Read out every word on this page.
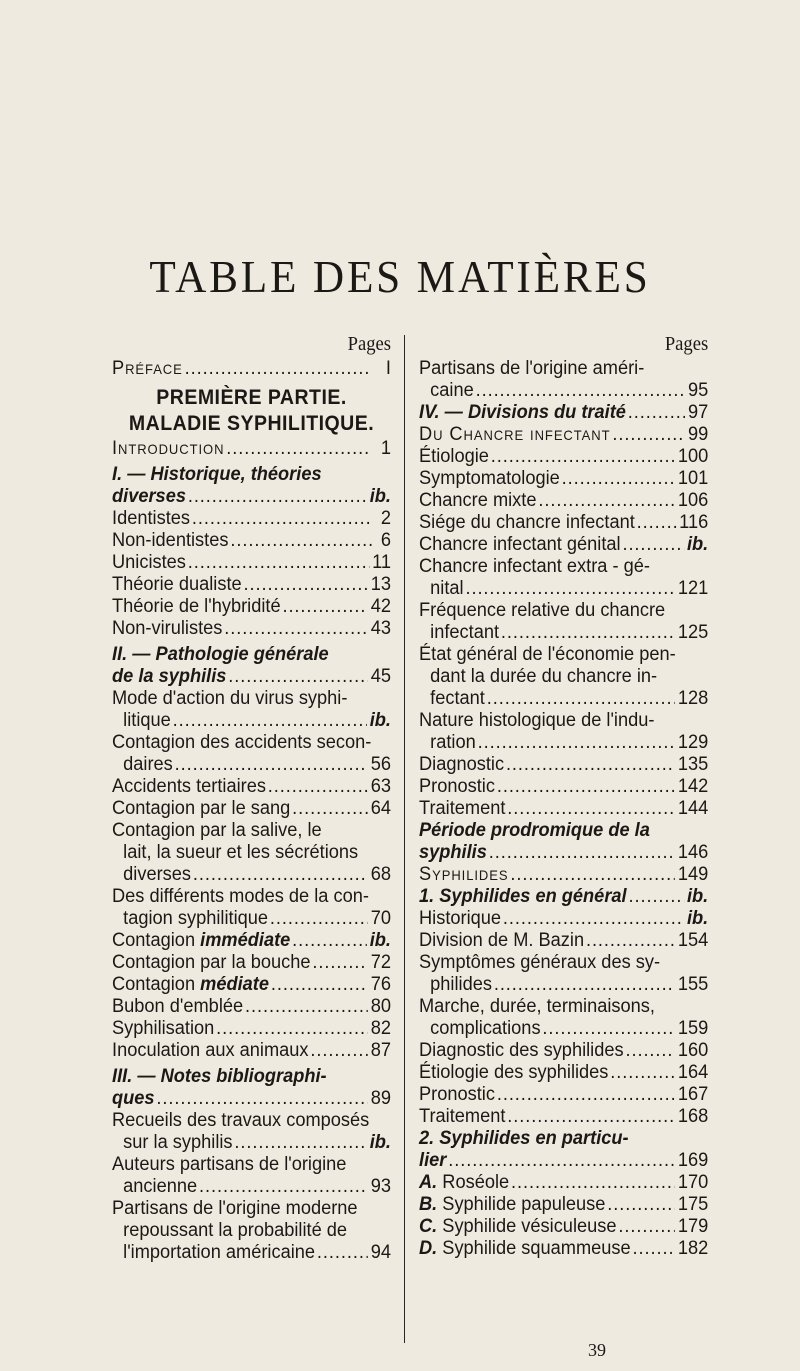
TABLE DES MATIÈRES
Pages
Préface .....	I
PREMIÈRE PARTIE.
MALADIE SYPHILITIQUE.
Introduction .....	1
I. — Historique, théories
diverses .....	ib.
Identistes .....	2
Non-identistes .....	6
Unicistes .....	11
Théorie dualiste .....	13
Théorie de l'hybridité .....	42
Non-virulistes .....	43
II. — Pathologie générale
de la syphilis .....	45
Mode d'action du virus syphi-
litique .....	ib.
Contagion des accidents secon-
daires .....	56
Accidents tertiaires .....	63
Contagion par le sang .....	64
Contagion par la salive, le
lait, la sueur et les sécrétions
diverses .....	68
Des différents modes de la con-
tagion syphilitique .....	70
Contagion immédiate .....	ib.
Contagion par la bouche .....	72
Contagion médiate .....	76
Bubon d'emblée .....	80
Syphilisation .....	82
Inoculation aux animaux .....	87
III. — Notes bibliographi-
ques .....	89
Recueils des travaux composés
sur la syphilis .....	ib.
Auteurs partisans de l'origine
ancienne .....	93
Partisans de l'origine moderne
repoussant la probabilité de
l'importation américaine .....	94
Pages
Partisans de l'origine améri-
caine .....	95
IV. — Divisions du traité .....	97
Du Chancre infectant .....	99
Étiologie .....	100
Symptomatologie .....	101
Chancre mixte .....	106
Siége du chancre infectant ..... 116
Chancre infectant génital .....	ib.
Chancre infectant extra - gé-
nital .....	121
Fréquence relative du chancre
infectant .....	125
État général de l'économie pen-
dant la durée du chancre in-
fectant .....	128
Nature histologique de l'indu-
ration .....	129
Diagnostic .....	135
Pronostic .....	142
Traitement .....	144
Période prodromique de la
syphilis .....	146
Syphilides .....	149
1. Syphilides en général .....	ib.
Historique .....	ib.
Division de M. Bazin .....	154
Symptômes généraux des sy-
philides .....	155
Marche, durée, terminaisons,
complications .....	159
Diagnostic des syphilides .....	160
Étiologie des syphilides .....	164
Pronostic .....	167
Traitement .....	168
2. Syphilides en particu-
lier .....	169
A. Roséole .....	170
B. Syphilide papuleuse .....	175
C. Syphilide vésiculeuse .....	179
D. Syphilide squammeuse ..... 182
39
